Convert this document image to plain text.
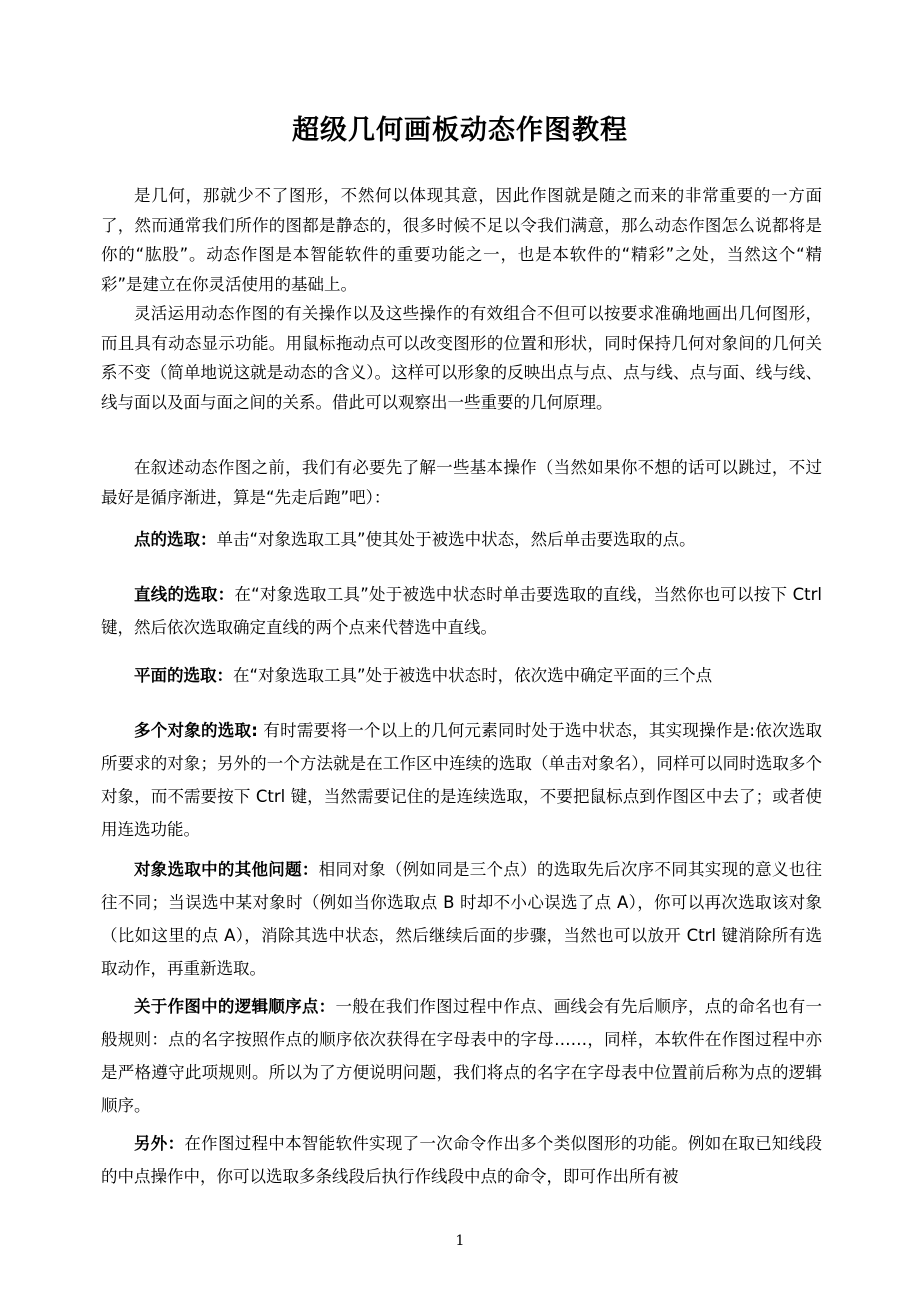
超级几何画板动态作图教程

是几何，那就少不了图形，不然何以体现其意，因此作图就是随之而来的非常重要的一方面了，然而通常我们所作的图都是静态的，很多时候不足以令我们满意，那么动态作图怎么说都将是你的“肱股”。动态作图是本智能软件的重要功能之一，也是本软件的“精彩”之处，当然这个“精彩”是建立在你灵活使用的基础上。

灵活运用动态作图的有关操作以及这些操作的有效组合不但可以按要求准确地画出几何图形，而且具有动态显示功能。用鼠标拖动点可以改变图形的位置和形状，同时保持几何对象间的几何关系不变（简单地说这就是动态的含义）。这样可以形象的反映出点与点、点与线、点与面、线与线、线与面以及面与面之间的关系。借此可以观察出一些重要的几何原理。

在叙述动态作图之前，我们有必要先了解一些基本操作（当然如果你不想的话可以跳过，不过最好是循序渐进，算是“先走后跑”吧）：

点的选取：单击“对象选取工具”使其处于被选中状态，然后单击要选取的点。

直线的选取：在“对象选取工具”处于被选中状态时单击要选取的直线，当然你也可以按下 Ctrl 键，然后依次选取确定直线的两个点来代替选中直线。

平面的选取：在“对象选取工具”处于被选中状态时，依次选中确定平面的三个点

多个对象的选取: 有时需要将一个以上的几何元素同时处于选中状态，其实现操作是:依次选取所要求的对象；另外的一个方法就是在工作区中连续的选取（单击对象名），同样可以同时选取多个对象，而不需要按下 Ctrl 键，当然需要记住的是连续选取，不要把鼠标点到作图区中去了；或者使用连选功能。

对象选取中的其他问题：相同对象（例如同是三个点）的选取先后次序不同其实现的意义也往往不同；当误选中某对象时（例如当你选取点 B 时却不小心误选了点 A），你可以再次选取该对象（比如这里的点 A），消除其选中状态，然后继续后面的步骤，当然也可以放开 Ctrl 键消除所有选取动作，再重新选取。

关于作图中的逻辑顺序点：一般在我们作图过程中作点、画线会有先后顺序，点的命名也有一般规则：点的名字按照作点的顺序依次获得在字母表中的字母……，同样，本软件在作图过程中亦是严格遵守此项规则。所以为了方便说明问题，我们将点的名字在字母表中位置前后称为点的逻辑顺序。

另外：在作图过程中本智能软件实现了一次命令作出多个类似图形的功能。例如在取已知线段的中点操作中，你可以选取多条线段后执行作线段中点的命令，即可作出所有被

1
